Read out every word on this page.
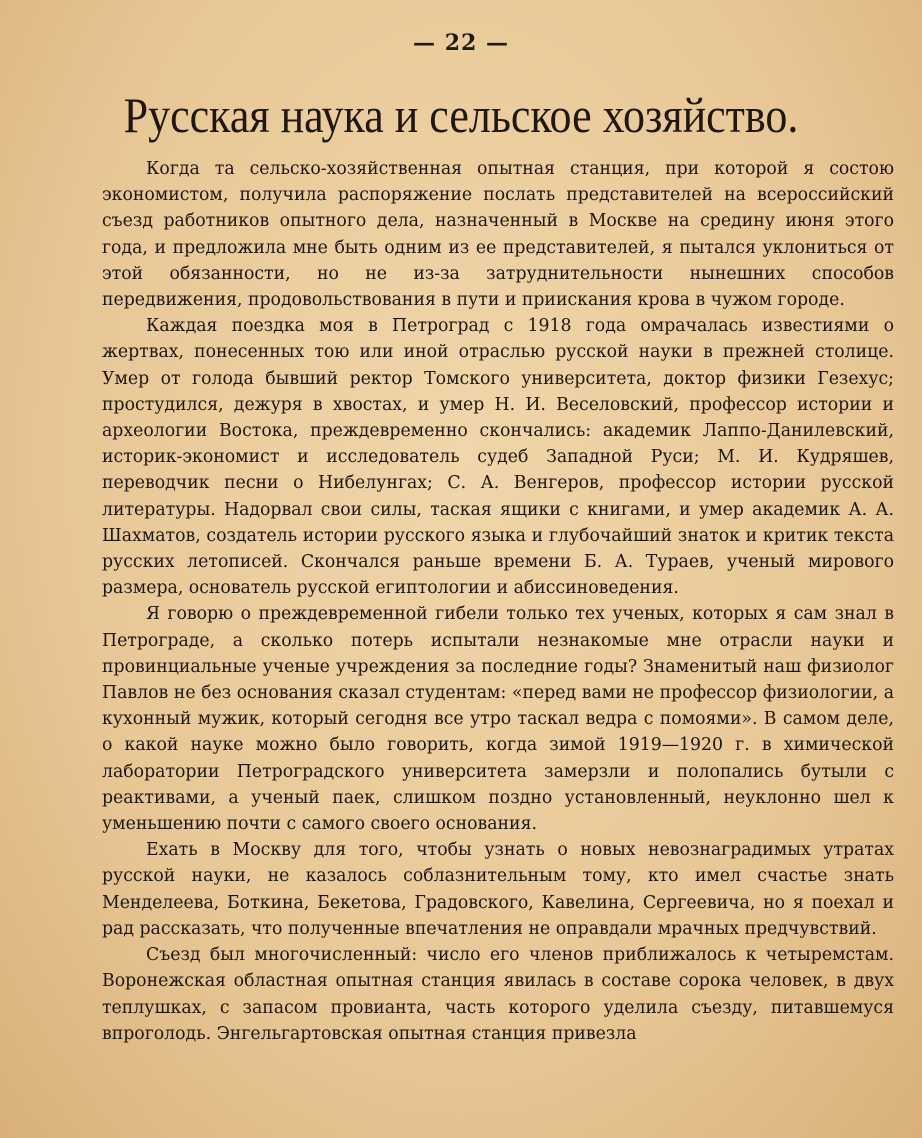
— 22 —
Русская наука и сельское хозяйство.

Когда та сельско-хозяйственная опытная станция, при которой я состою экономистом, получила распоряжение послать представителей на всероссийский съезд работников опытного дела, назначенный в Москве на средину июня этого года, и предложила мне быть одним из ее представителей, я пытался уклониться от этой обязанности, но не из-за затруднительности нынешних способов передвижения, продовольствования в пути и приискания крова в чужом городе.

Каждая поездка моя в Петроград с 1918 года омрачалась известиями о жертвах, понесенных тою или иной отраслью русской науки в прежней столице. Умер от голода бывший ректор Томского университета, доктор физики Гезехус; простудился, дежуря в хвостах, и умер Н. И. Веселовский, профессор истории и археологии Востока, преждевременно скончались: академик Лаппо-Данилевский, историк-экономист и исследователь судеб Западной Руси; М. И. Кудряшев, переводчик песни о Нибелунгах; С. А. Венгеров, профессор истории русской литературы. Надорвал свои силы, таская ящики с книгами, и умер академик А. А. Шахматов, создатель истории русского языка и глубочайший знаток и критик текста русских летописей. Скончался раньше времени Б. А. Тураев, ученый мирового размера, основатель русской египтологии и абиссиноведения.

Я говорю о преждевременной гибели только тех ученых, которых я сам знал в Петрограде, а сколько потерь испытали незнакомые мне отрасли науки и провинциальные ученые учреждения за последние годы? Знаменитый наш физиолог Павлов не без основания сказал студентам: «перед вами не профессор физиологии, а кухонный мужик, который сегодня все утро таскал ведра с помоями». В самом деле, о какой науке можно было говорить, когда зимой 1919—1920 г. в химической лаборатории Петроградского университета замерзли и полопались бутыли с реактивами, а ученый паек, слишком поздно установленный, неуклонно шел к уменьшению почти с самого своего основания.

Ехать в Москву для того, чтобы узнать о новых невознаградимых утратах русской науки, не казалось соблазнительным тому, кто имел счастье знать Менделеева, Боткина, Бекетова, Градовского, Кавелина, Сергеевича, но я поехал и рад рассказать, что полученные впечатления не оправдали мрачных предчувствий.

Съезд был многочисленный: число его членов приближалось к четыремстам. Воронежская областная опытная станция явилась в составе сорока человек, в двух теплушках, с запасом провианта, часть которого уделила съезду, питавшемуся впроголодь. Энгельгартовская опытная станция привезла
